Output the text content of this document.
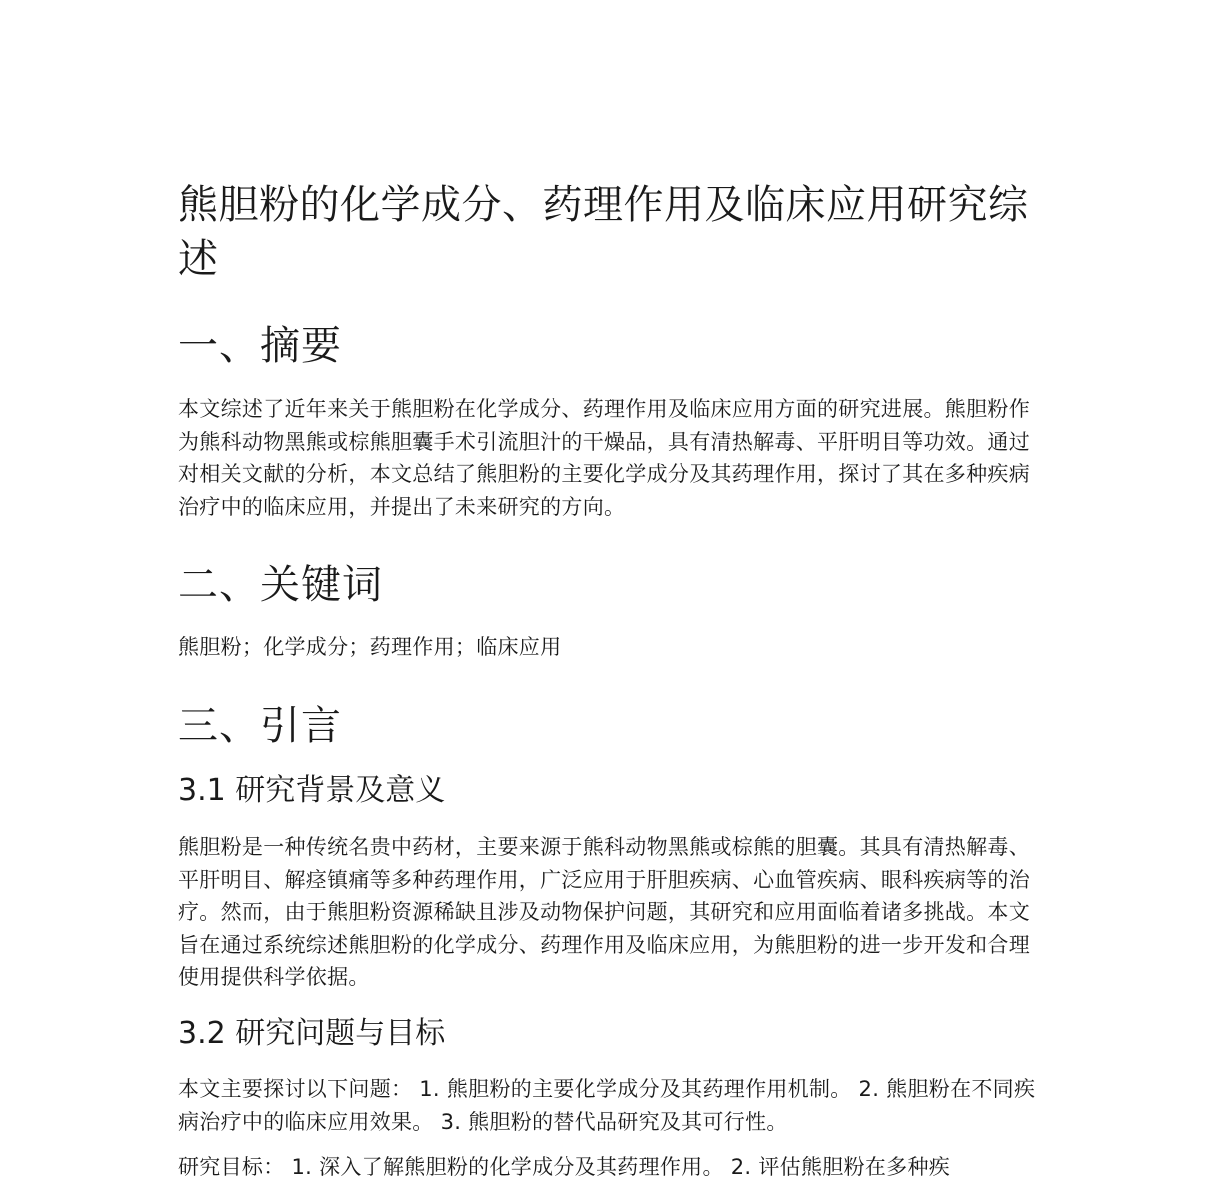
熊胆粉的化学成分、药理作用及临床应用研究综述
一、摘要

本文综述了近年来关于熊胆粉在化学成分、药理作用及临床应用方面的研究进展。熊胆粉作为熊科动物黑熊或棕熊胆囊手术引流胆汁的干燥品，具有清热解毒、平肝明目等功效。通过对相关文献的分析，本文总结了熊胆粉的主要化学成分及其药理作用，探讨了其在多种疾病治疗中的临床应用，并提出了未来研究的方向。

二、关键词

熊胆粉；化学成分；药理作用；临床应用

三、引言
3.1 研究背景及意义

熊胆粉是一种传统名贵中药材，主要来源于熊科动物黑熊或棕熊的胆囊。其具有清热解毒、平肝明目、解痉镇痛等多种药理作用，广泛应用于肝胆疾病、心血管疾病、眼科疾病等的治疗。然而，由于熊胆粉资源稀缺且涉及动物保护问题，其研究和应用面临着诸多挑战。本文旨在通过系统综述熊胆粉的化学成分、药理作用及临床应用，为熊胆粉的进一步开发和合理使用提供科学依据。

3.2 研究问题与目标

本文主要探讨以下问题： 1. 熊胆粉的主要化学成分及其药理作用机制。 2. 熊胆粉在不同疾病治疗中的临床应用效果。 3. 熊胆粉的替代品研究及其可行性。

研究目标： 1. 深入了解熊胆粉的化学成分及其药理作用。 2. 评估熊胆粉在多种疾
